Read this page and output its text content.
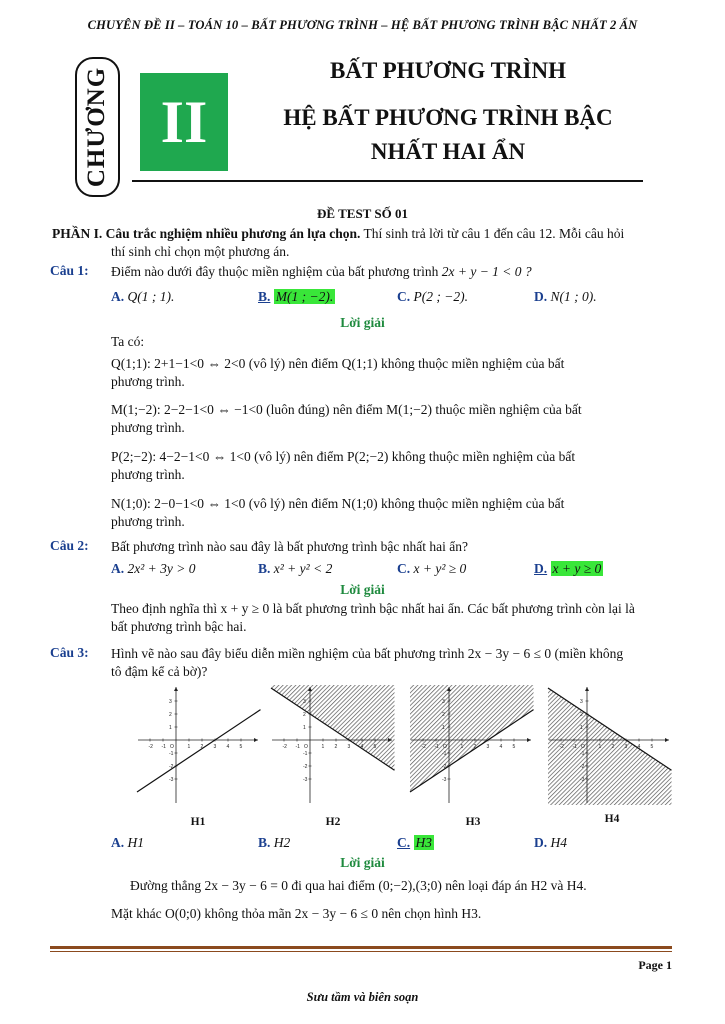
CHUYÊN ĐỀ II – TOÁN 10 – BẤT PHƯƠNG TRÌNH – HỆ BẤT PHƯƠNG TRÌNH BẬC NHẤT 2 ẨN
CHƯƠNG II
BẤT PHƯƠNG TRÌNH
HỆ BẤT PHƯƠNG TRÌNH BẬC
NHẤT HAI ẨN
ĐỀ TEST SỐ 01
PHẦN I. Câu trắc nghiệm nhiều phương án lựa chọn. Thí sinh trả lời từ câu 1 đến câu 12. Mỗi câu hỏi
thí sinh chỉ chọn một phương án.
Câu 1: Điểm nào dưới đây thuộc miền nghiệm của bất phương trình 2x + y − 1 < 0 ?
A. Q(1 ; 1).	B. M(1 ; −2).	C. P(2 ; −2).	D. N(1 ; 0).
Lời giải
Ta có:
Q(1;1): 2+1−1<0 ⇔ 2<0 (vô lý) nên điểm Q(1;1) không thuộc miền nghiệm của bất
phương trình.
M(1;−2): 2−2−1<0 ⇔ −1<0 (luôn đúng) nên điểm M(1;−2) thuộc miền nghiệm của bất
phương trình.
P(2;−2): 4−2−1<0 ⇔ 1<0 (vô lý) nên điểm P(2;−2) không thuộc miền nghiệm của bất
phương trình.
N(1;0): 2−0−1<0 ⇔ 1<0 (vô lý) nên điểm N(1;0) không thuộc miền nghiệm của bất
phương trình.
Câu 2: Bất phương trình nào sau đây là bất phương trình bậc nhất hai ẩn?
A. 2x² + 3y > 0	B. x² + y² < 2	C. x + y² ≥ 0	D. x + y ≥ 0
Lời giải
Theo định nghĩa thì x + y ≥ 0 là bất phương trình bậc nhất hai ẩn. Các bất phương trình còn lại là
bất phương trình bậc hai.
Câu 3: Hình vẽ nào sau đây biểu diễn miền nghiệm của bất phương trình 2x − 3y − 6 ≤ 0 (miền không
tô đậm kể cả bờ)?
-2 -1	1 2 3 4 5
-3
-2
-1
1
2
3
O	-2 -1	1 2 3 4 5
-3
-2
-1
1
2
3
O	-2 -1	1 2 3 4 5
-3
-2
-1
1
2
3
O	-2 -1	1 2 3 4 5
-3
-2
-1
1
2
3
O
H1	H2	H3	H4
A. H1	B. H2	C. H3	D. H4
Lời giải
Đường thẳng 2x − 3y − 6 = 0 đi qua hai điểm (0;−2),(3;0) nên loại đáp án H2 và H4.
Mặt khác O(0;0) không thỏa mãn 2x − 3y − 6 ≤ 0 nên chọn hình H3.
Page 1
Sưu tầm và biên soạn
